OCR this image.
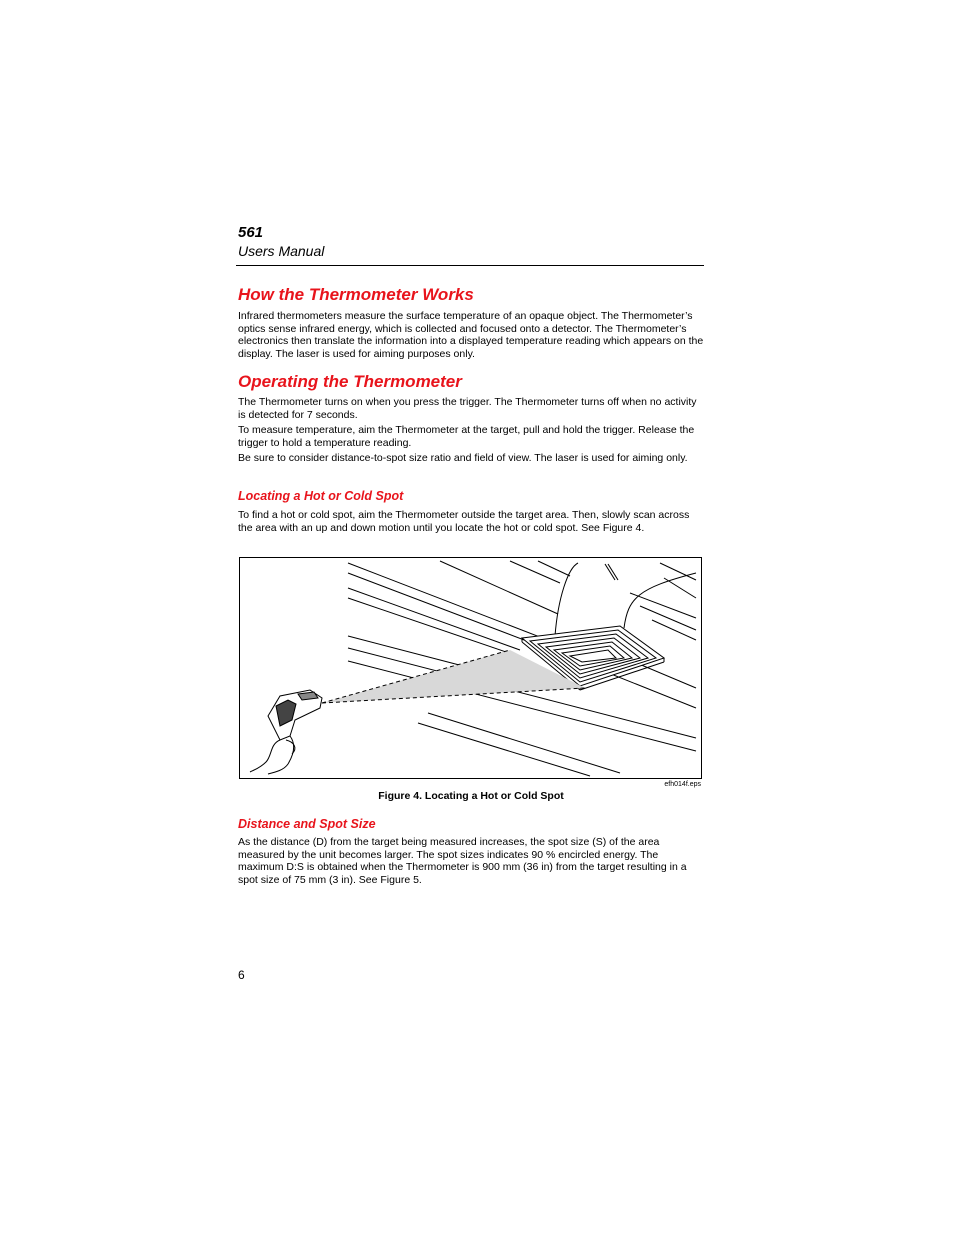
561
Users Manual
How the Thermometer Works

Infrared thermometers measure the surface temperature of an opaque object. The Thermometer’s optics sense infrared energy, which is collected and focused onto a detector. The Thermometer’s electronics then translate the information into a displayed temperature reading which appears on the display. The laser is used for aiming purposes only.

Operating the Thermometer

The Thermometer turns on when you press the trigger. The Thermometer turns off when no activity is detected for 7 seconds.

To measure temperature, aim the Thermometer at the target, pull and hold the trigger. Release the trigger to hold a temperature reading.

Be sure to consider distance-to-spot size ratio and field of view. The laser is used for aiming only.

Locating a Hot or Cold Spot

To find a hot or cold spot, aim the Thermometer outside the target area. Then, slowly scan across the area with an up and down motion until you locate the hot or cold spot. See Figure 4.

efh014f.eps
Figure 4. Locating a Hot or Cold Spot
Distance and Spot Size

As the distance (D) from the target being measured increases, the spot size (S) of the area measured by the unit becomes larger. The spot sizes indicates 90 % encircled energy. The maximum D:S is obtained when the Thermometer is 900 mm (36 in) from the target resulting in a spot size of 75 mm (3 in). See Figure 5.

6
